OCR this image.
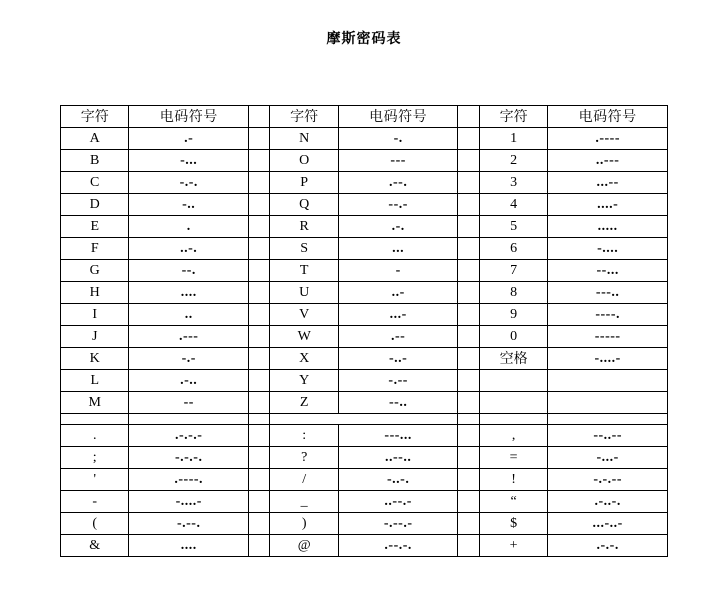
摩斯密码表
字符	电码符号		字符	电码符号		字符	电码符号
A	.-		N	-.		1	.----
B	-...		O	---		2	..---
C	-.-.		P	.--.		3	...--
D	-..		Q	--.-		4	....-
E	.		R	.-.		5	.....
F	..-.		S	...		6	-....
G	--.		T	-		7	--...
H	....		U	..-		8	---..
I	..		V	...-		9	----.
J	.---		W	.--		0	-----
K	-.-		X	-..-		空格	-....-
L	.-..		Y	-.--			
M	--		Z	--..			

.	.-.-.-		:	---...		,	--..--
;	-.-.-.		?	..--..		=	-...-
'	.----.		/	-..-.		!	-.-.--
-	-....-		_	..--.-		“	.-..-.
(	-.--.		)	-.--.-		$	...-..-
&	....		@	.--.-.		+	.-.-.
